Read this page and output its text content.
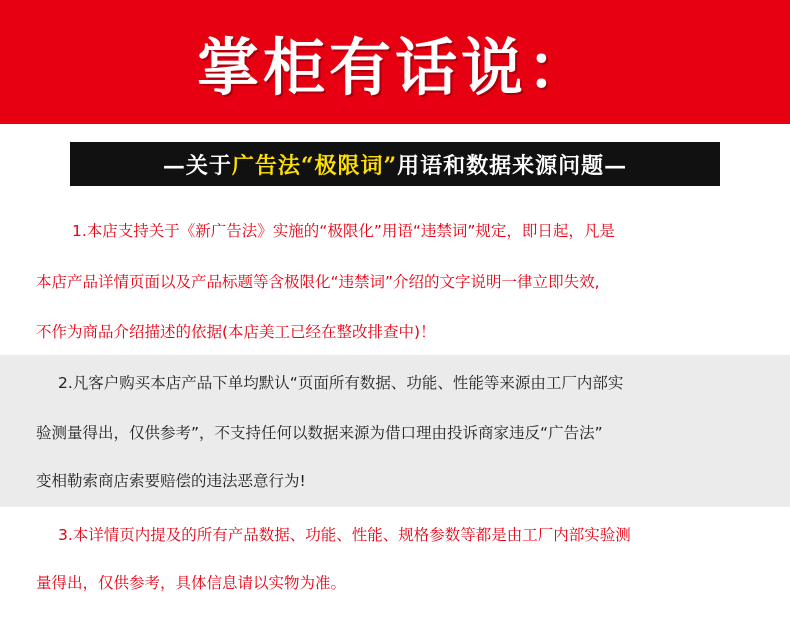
掌柜有话说：
—关于 广告法“极限词” 用语和数据来源问题—
1.本店支持关于《新广告法》实施的“极限化”用语“违禁词”规定，即日起，凡是
本店产品详情页面以及产品标题等含极限化“违禁词”介绍的文字说明一律立即失效,
不作为商品介绍描述的依据(本店美工已经在整改排查中)！
2.凡客户购买本店产品下单均默认“页面所有数据、功能、性能等来源由工厂内部实
验测量得出，仅供参考”，不支持任何以数据来源为借口理由投诉商家违反“广告法”
变相勒索商店索要赔偿的违法恶意行为!
3.本详情页内提及的所有产品数据、功能、性能、规格参数等都是由工厂内部实验测
量得出，仅供参考，具体信息请以实物为准。
